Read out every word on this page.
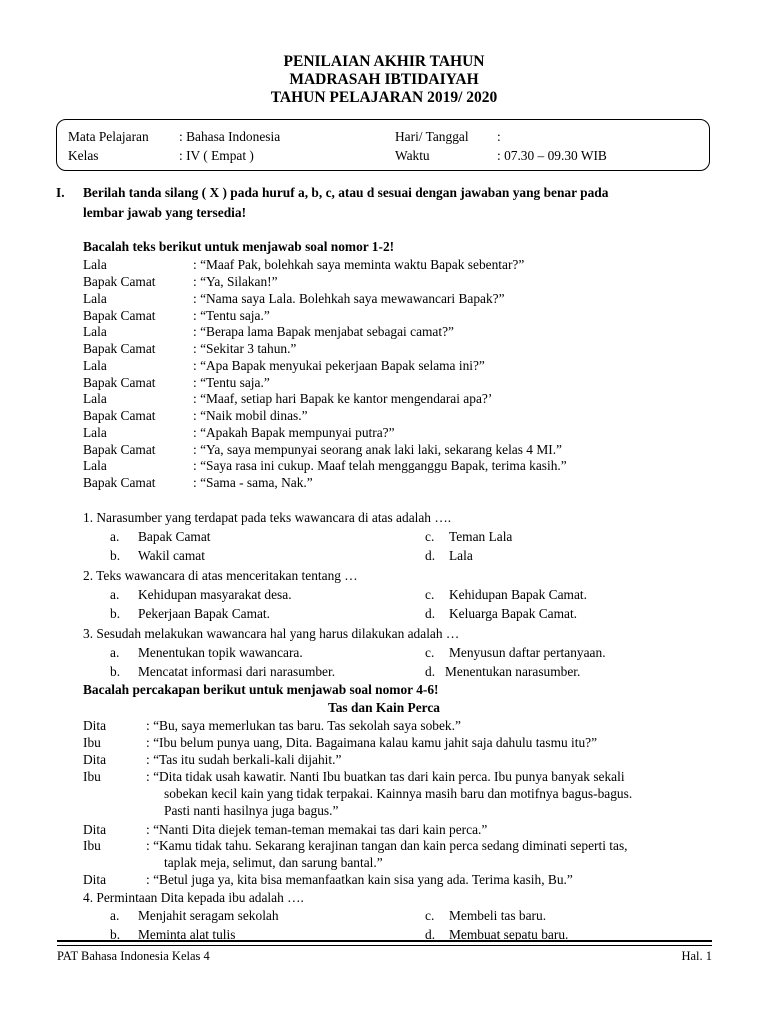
PENILAIAN AKHIR TAHUN
MADRASAH IBTIDAIYAH
TAHUN PELAJARAN 2019/ 2020
Mata Pelajaran : Bahasa Indonesia	Hari/ Tanggal :
Kelas	: IV ( Empat )	Waktu	: 07.30 – 09.30 WIB
I. Berilah tanda silang ( X ) pada huruf a, b, c, atau d sesuai dengan jawaban yang benar pada
lembar jawab yang tersedia!
Bacalah teks berikut untuk menjawab soal nomor 1-2!
Lala	: “Maaf Pak, bolehkah saya meminta waktu Bapak sebentar?”
Bapak Camat	: “Ya, Silakan!”
Lala	: “Nama saya Lala. Bolehkah saya mewawancari Bapak?”
Bapak Camat	: “Tentu saja.”
Lala	: “Berapa lama Bapak menjabat sebagai camat?”
Bapak Camat	: “Sekitar 3 tahun.”
Lala	: “Apa Bapak menyukai pekerjaan Bapak selama ini?”
Bapak Camat	: “Tentu saja.”
Lala	: “Maaf, setiap hari Bapak ke kantor mengendarai apa?’
Bapak Camat	: “Naik mobil dinas.”
Lala	: “Apakah Bapak mempunyai putra?”
Bapak Camat	: “Ya, saya mempunyai seorang anak laki laki, sekarang kelas 4 MI.”
Lala	: “Saya rasa ini cukup. Maaf telah mengganggu Bapak, terima kasih.”
Bapak Camat	: “Sama - sama, Nak.”
1. Narasumber yang terdapat pada teks wawancara di atas adalah ….
a. Bapak Camat	c. Teman Lala
b. Wakil camat	d. Lala
2. Teks wawancara di atas menceritakan tentang …
a. Kehidupan masyarakat desa.	c. Kehidupan Bapak Camat.
b. Pekerjaan Bapak Camat.	d. Keluarga Bapak Camat.
3. Sesudah melakukan wawancara hal yang harus dilakukan adalah …
a. Menentukan topik wawancara.	c. Menyusun daftar pertanyaan.
b. Mencatat informasi dari narasumber.	d. Menentukan narasumber.
Bacalah percakapan berikut untuk menjawab soal nomor 4-6!
Tas dan Kain Perca
Dita	: “Bu, saya memerlukan tas baru. Tas sekolah saya sobek.”
Ibu	: “Ibu belum punya uang, Dita. Bagaimana kalau kamu jahit saja dahulu tasmu itu?”
Dita	: “Tas itu sudah berkali-kali dijahit.”
Ibu	: “Dita tidak usah kawatir. Nanti Ibu buatkan tas dari kain perca. Ibu punya banyak sekali
sobekan kecil kain yang tidak terpakai. Kainnya masih baru dan motifnya bagus-bagus.
Pasti nanti hasilnya juga bagus.”
Dita	: “Nanti Dita diejek teman-teman memakai tas dari kain perca.”
Ibu	: “Kamu tidak tahu. Sekarang kerajinan tangan dan kain perca sedang diminati seperti tas,
taplak meja, selimut, dan sarung bantal.”
Dita	: “Betul juga ya, kita bisa memanfaatkan kain sisa yang ada. Terima kasih, Bu.”
4. Permintaan Dita kepada ibu adalah ….
a. Menjahit seragam sekolah	c. Membeli tas baru.
b. Meminta alat tulis	d. Membuat sepatu baru.
PAT Bahasa Indonesia Kelas 4	Hal. 1
